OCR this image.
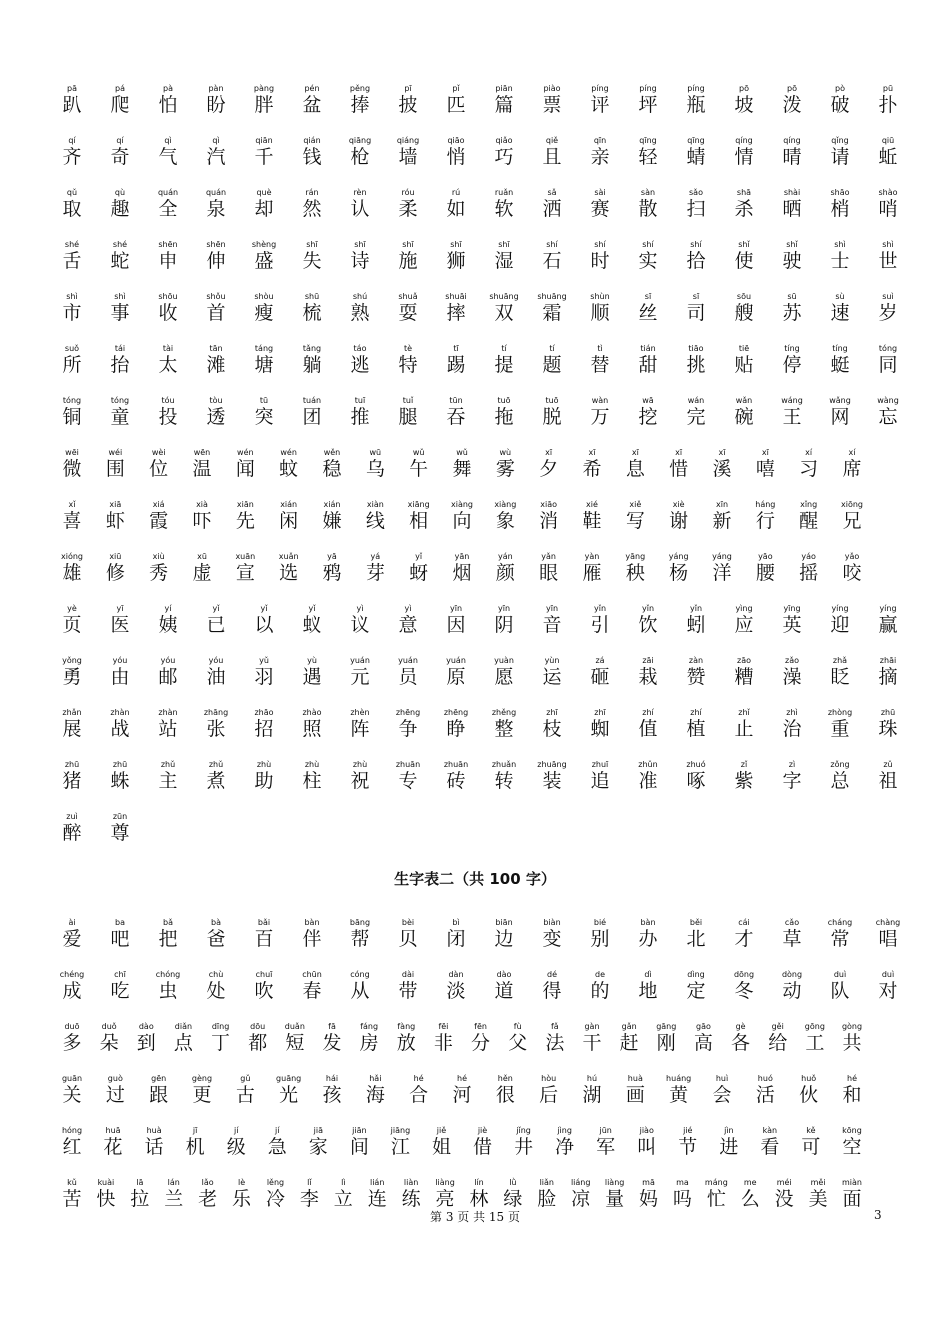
pā
趴
pá
爬
pà
怕
pàn
盼
pàng
胖
pén
盆
pěng
捧
pī
披
pǐ
匹
piān
篇
piào
票
píng
评
píng
坪
píng
瓶
pō
坡
pō
泼
pò
破
pū
扑
qí
齐
qí
奇
qì
气
qì
汽
qiān
千
qián
钱
qiāng
枪
qiáng
墙
qiāo
悄
qiǎo
巧
qiě
且
qīn
亲
qīng
轻
qīng
蜻
qíng
情
qíng
晴
qǐng
请
qiū
蚯
qǔ
取
qù
趣
quán
全
quán
泉
què
却
rán
然
rèn
认
róu
柔
rú
如
ruǎn
软
sǎ
洒
sài
赛
sàn
散
sǎo
扫
shā
杀
shài
晒
shāo
梢
shào
哨
shé
舌
shé
蛇
shēn
申
shēn
伸
shèng
盛
shī
失
shī
诗
shī
施
shī
狮
shī
湿
shí
石
shí
时
shí
实
shí
拾
shǐ
使
shǐ
驶
shì
士
shì
世
shì
市
shì
事
shōu
收
shǒu
首
shòu
瘦
shū
梳
shú
熟
shuǎ
耍
shuāi
摔
shuāng
双
shuāng
霜
shùn
顺
sī
丝
sī
司
sōu
艘
sū
苏
sù
速
suì
岁
suǒ
所
tái
抬
tài
太
tān
滩
táng
塘
tǎng
躺
táo
逃
tè
特
tī
踢
tí
提
tí
题
tì
替
tián
甜
tiāo
挑
tiē
贴
tíng
停
tíng
蜓
tóng
同
tóng
铜
tóng
童
tóu
投
tòu
透
tū
突
tuán
团
tuī
推
tuǐ
腿
tūn
吞
tuō
拖
tuō
脱
wàn
万
wā
挖
wán
完
wǎn
碗
wáng
王
wǎng
网
wàng
忘
wēi
微
wéi
围
wèi
位
wēn
温
wén
闻
wén
蚊
wěn
稳
wū
乌
wǔ
午
wǔ
舞
wù
雾
xī
夕
xī
希
xī
息
xī
惜
xī
溪
xī
嘻
xí
习
xí
席
xǐ
喜
xiā
虾
xiá
霞
xià
吓
xiān
先
xián
闲
xián
嫌
xiàn
线
xiāng
相
xiàng
向
xiàng
象
xiāo
消
xié
鞋
xiě
写
xiè
谢
xīn
新
háng
行
xǐng
醒
xiōng
兄
xióng
雄
xiū
修
xiù
秀
xū
虚
xuān
宣
xuǎn
选
yā
鸦
yá
芽
yǐ
蚜
yān
烟
yán
颜
yǎn
眼
yàn
雁
yāng
秧
yáng
杨
yáng
洋
yāo
腰
yáo
摇
yǎo
咬
yè
页
yī
医
yí
姨
yǐ
已
yǐ
以
yǐ
蚁
yì
议
yì
意
yīn
因
yīn
阴
yīn
音
yǐn
引
yǐn
饮
yǐn
蚓
yìng
应
yīng
英
yíng
迎
yíng
赢
yǒng
勇
yóu
由
yóu
邮
yóu
油
yǔ
羽
yù
遇
yuán
元
yuán
员
yuán
原
yuàn
愿
yùn
运
zá
砸
zāi
栽
zàn
赞
zāo
糟
zǎo
澡
zhǎ
眨
zhāi
摘
zhǎn
展
zhàn
战
zhàn
站
zhāng
张
zhāo
招
zhào
照
zhèn
阵
zhēng
争
zhēng
睁
zhěng
整
zhī
枝
zhī
蜘
zhí
值
zhí
植
zhǐ
止
zhì
治
zhòng
重
zhū
珠
zhū
猪
zhū
蛛
zhǔ
主
zhǔ
煮
zhù
助
zhù
柱
zhù
祝
zhuān
专
zhuān
砖
zhuǎn
转
zhuāng
装
zhuī
追
zhǔn
准
zhuó
啄
zǐ
紫
zì
字
zǒng
总
zǔ
祖
zuì
醉
zūn
尊
生字表二（共 100 字）
ài
爱
ba
吧
bǎ
把
bà
爸
bǎi
百
bàn
伴
bāng
帮
bèi
贝
bì
闭
biān
边
biàn
变
bié
别
bàn
办
běi
北
cái
才
cǎo
草
cháng
常
chàng
唱
chéng
成
chī
吃
chóng
虫
chù
处
chuī
吹
chūn
春
cóng
从
dài
带
dàn
淡
dào
道
dé
得
de
的
dì
地
dìng
定
dōng
冬
dòng
动
duì
队
duì
对
duō
多
duǒ
朵
dào
到
diǎn
点
dīng
丁
dōu
都
duǎn
短
fā
发
fáng
房
fàng
放
fēi
非
fēn
分
fù
父
fǎ
法
gàn
干
gǎn
赶
gāng
刚
gāo
高
gè
各
gěi
给
gōng
工
gòng
共
guān
关
guò
过
gēn
跟
gèng
更
gǔ
古
guāng
光
hái
孩
hǎi
海
hé
合
hé
河
hěn
很
hòu
后
hú
湖
huà
画
huáng
黄
huì
会
huó
活
huǒ
伙
hé
和
hóng
红
huā
花
huà
话
jī
机
jí
级
jí
急
jiā
家
jiān
间
jiāng
江
jiě
姐
jiè
借
jǐng
井
jìng
净
jūn
军
jiào
叫
jié
节
jìn
进
kàn
看
kě
可
kōng
空
kǔ
苦
kuài
快
lā
拉
lán
兰
lǎo
老
lè
乐
lěng
冷
lǐ
李
lì
立
lián
连
liàn
练
liàng
亮
lín
林
lǜ
绿
liǎn
脸
liáng
凉
liàng
量
mā
妈
ma
吗
máng
忙
me
么
méi
没
měi
美
miàn
面
第 3 页 共 15 页	3
